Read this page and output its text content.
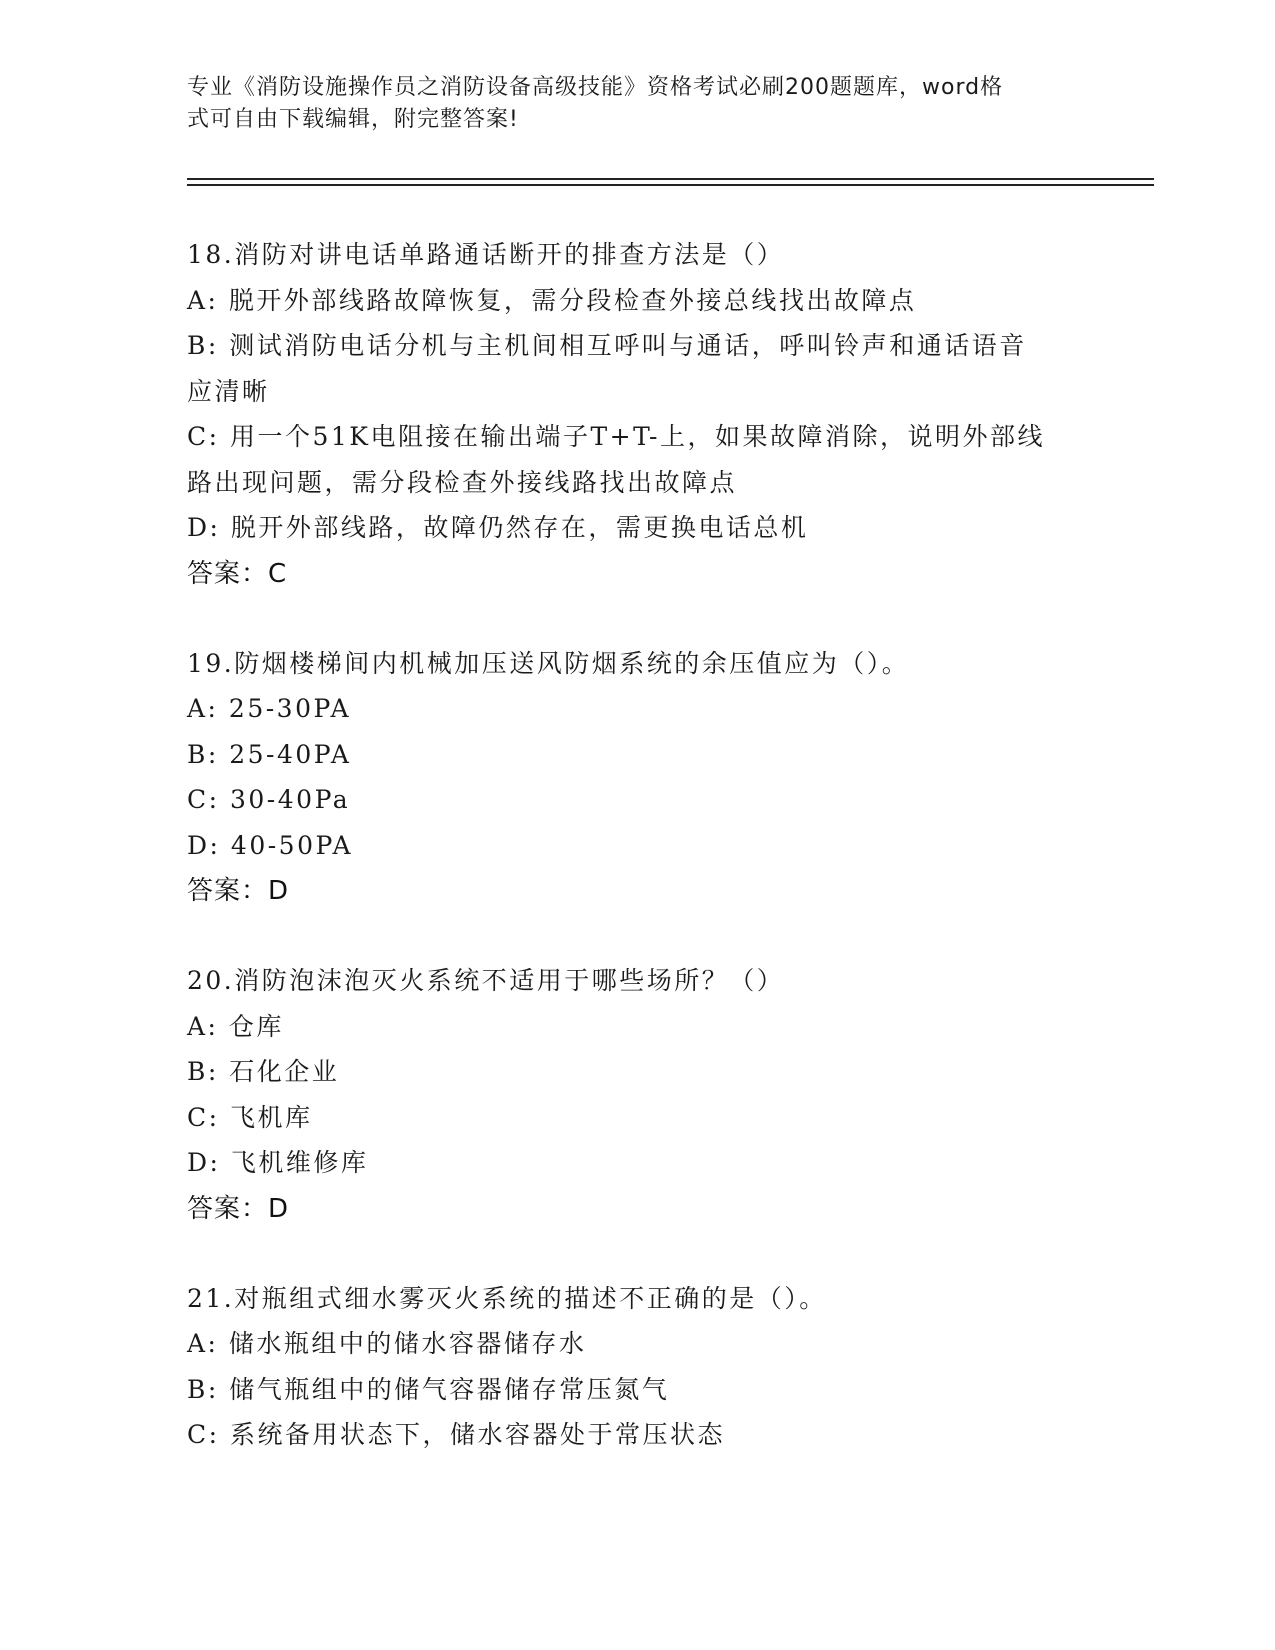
专业《消防设施操作员之消防设备高级技能》资格考试必刷200题题库，word格
式可自由下载编辑，附完整答案!
18.消防对讲电话单路通话断开的排查方法是（）
A: 脱开外部线路故障恢复，需分段检查外接总线找出故障点
B: 测试消防电话分机与主机间相互呼叫与通话，呼叫铃声和通话语音
应清晰
C: 用一个51K电阻接在输出端子T+T-上，如果故障消除，说明外部线
路出现问题，需分段检查外接线路找出故障点
D: 脱开外部线路，故障仍然存在，需更换电话总机
答案：C
19.防烟楼梯间内机械加压送风防烟系统的余压值应为（）。
A: 25-30PA
B: 25-40PA
C: 30-40Pa
D: 40-50PA
答案：D
20.消防泡沫泡灭火系统不适用于哪些场所？（）
A: 仓库
B: 石化企业
C: 飞机库
D: 飞机维修库
答案：D
21.对瓶组式细水雾灭火系统的描述不正确的是（）。
A: 储水瓶组中的储水容器储存水
B: 储气瓶组中的储气容器储存常压氮气
C: 系统备用状态下，储水容器处于常压状态
